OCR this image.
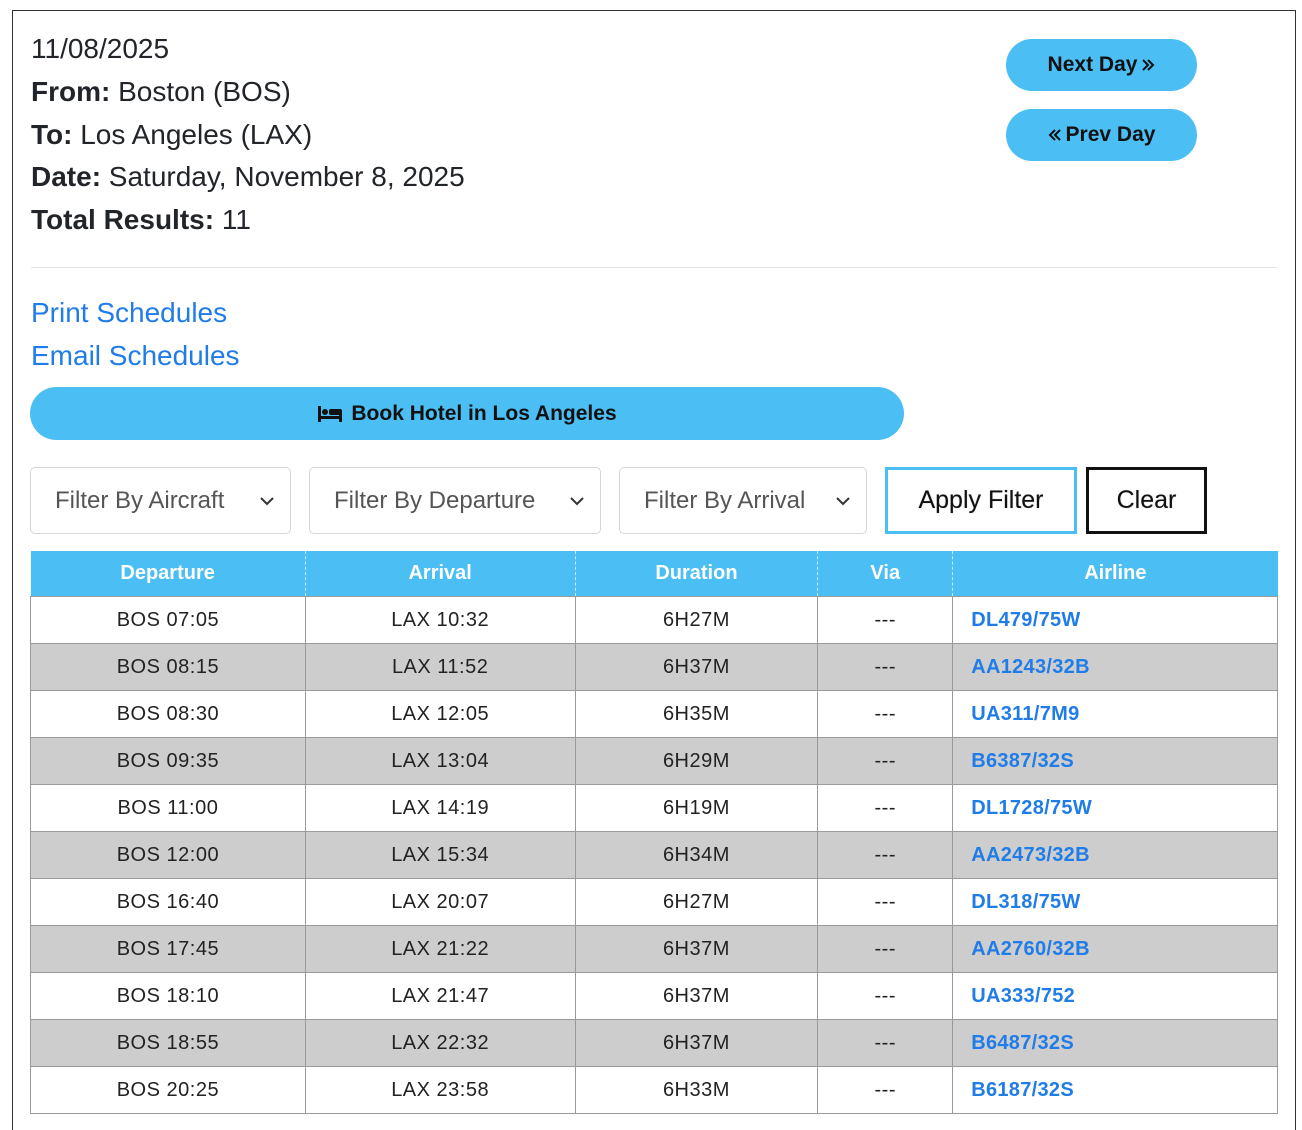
11/08/2025
From: Boston (BOS)
To: Los Angeles (LAX)
Date: Saturday, November 8, 2025
Total Results: 11
Next Day
Prev Day
Print Schedules
Email Schedules
Book Hotel in Los Angeles
Filter By Aircraft	Filter By Departure	Filter By Arrival	Apply Filter	Clear
Departure	Arrival	Duration	Via	Airline
BOS 07:05	LAX 10:32	6H27M	---	DL479/75W
BOS 08:15	LAX 11:52	6H37M	---	AA1243/32B
BOS 08:30	LAX 12:05	6H35M	---	UA311/7M9
BOS 09:35	LAX 13:04	6H29M	---	B6387/32S
BOS 11:00	LAX 14:19	6H19M	---	DL1728/75W
BOS 12:00	LAX 15:34	6H34M	---	AA2473/32B
BOS 16:40	LAX 20:07	6H27M	---	DL318/75W
BOS 17:45	LAX 21:22	6H37M	---	AA2760/32B
BOS 18:10	LAX 21:47	6H37M	---	UA333/752
BOS 18:55	LAX 22:32	6H37M	---	B6487/32S
BOS 20:25	LAX 23:58	6H33M	---	B6187/32S
